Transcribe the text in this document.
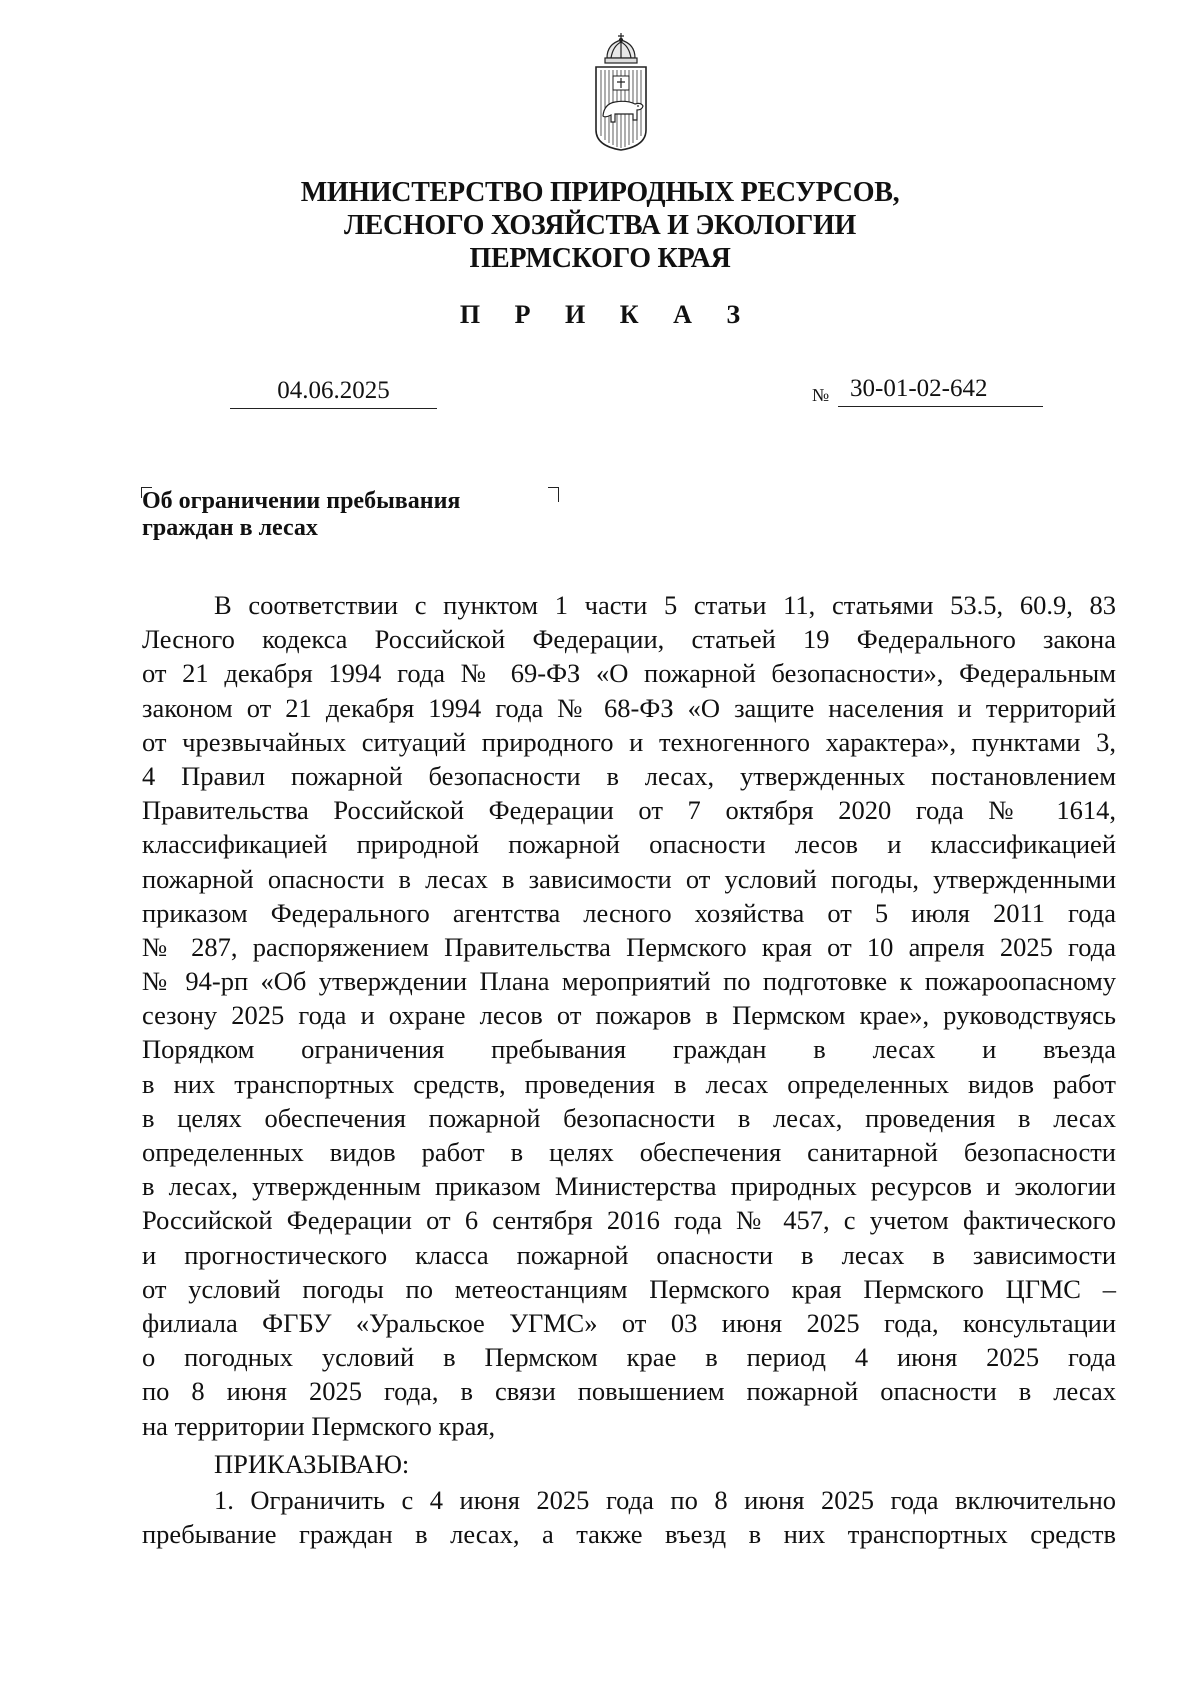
МИНИСТЕРСТВО ПРИРОДНЫХ РЕСУРСОВ,
ЛЕСНОГО ХОЗЯЙСТВА И ЭКОЛОГИИ
ПЕРМСКОГО КРАЯ
П Р И К А З
04.06.2025	№ 30-01-02-642
Об ограничении пребывания
граждан в лесах
В соответствии с пунктом 1 части 5 статьи 11, статьями 53.5, 60.9, 83
Лесного кодекса Российской Федерации, статьей 19 Федерального закона
от 21 декабря 1994 года № 69-ФЗ «О пожарной безопасности», Федеральным
законом от 21 декабря 1994 года № 68-ФЗ «О защите населения и территорий
от чрезвычайных ситуаций природного и техногенного характера», пунктами 3,
4 Правил пожарной безопасности в лесах, утвержденных постановлением
Правительства Российской Федерации от 7 октября 2020 года № 1614,
классификацией природной пожарной опасности лесов и классификацией
пожарной опасности в лесах в зависимости от условий погоды, утвержденными
приказом Федерального агентства лесного хозяйства от 5 июля 2011 года
№ 287, распоряжением Правительства Пермского края от 10 апреля 2025 года
№ 94-рп «Об утверждении Плана мероприятий по подготовке к пожароопасному
сезону 2025 года и охране лесов от пожаров в Пермском крае», руководствуясь
Порядком ограничения пребывания граждан в лесах и въезда
в них транспортных средств, проведения в лесах определенных видов работ
в целях обеспечения пожарной безопасности в лесах, проведения в лесах
определенных видов работ в целях обеспечения санитарной безопасности
в лесах, утвержденным приказом Министерства природных ресурсов и экологии
Российской Федерации от 6 сентября 2016 года № 457, с учетом фактического
и прогностического класса пожарной опасности в лесах в зависимости
от условий погоды по метеостанциям Пермского края Пермского ЦГМС –
филиала ФГБУ «Уральское УГМС» от 03 июня 2025 года, консультации
о погодных условий в Пермском крае в период 4 июня 2025 года
по 8 июня 2025 года, в связи повышением пожарной опасности в лесах
на территории Пермского края,
ПРИКАЗЫВАЮ:
1. Ограничить с 4 июня 2025 года по 8 июня 2025 года включительно
пребывание граждан в лесах, а также въезд в них транспортных средств
